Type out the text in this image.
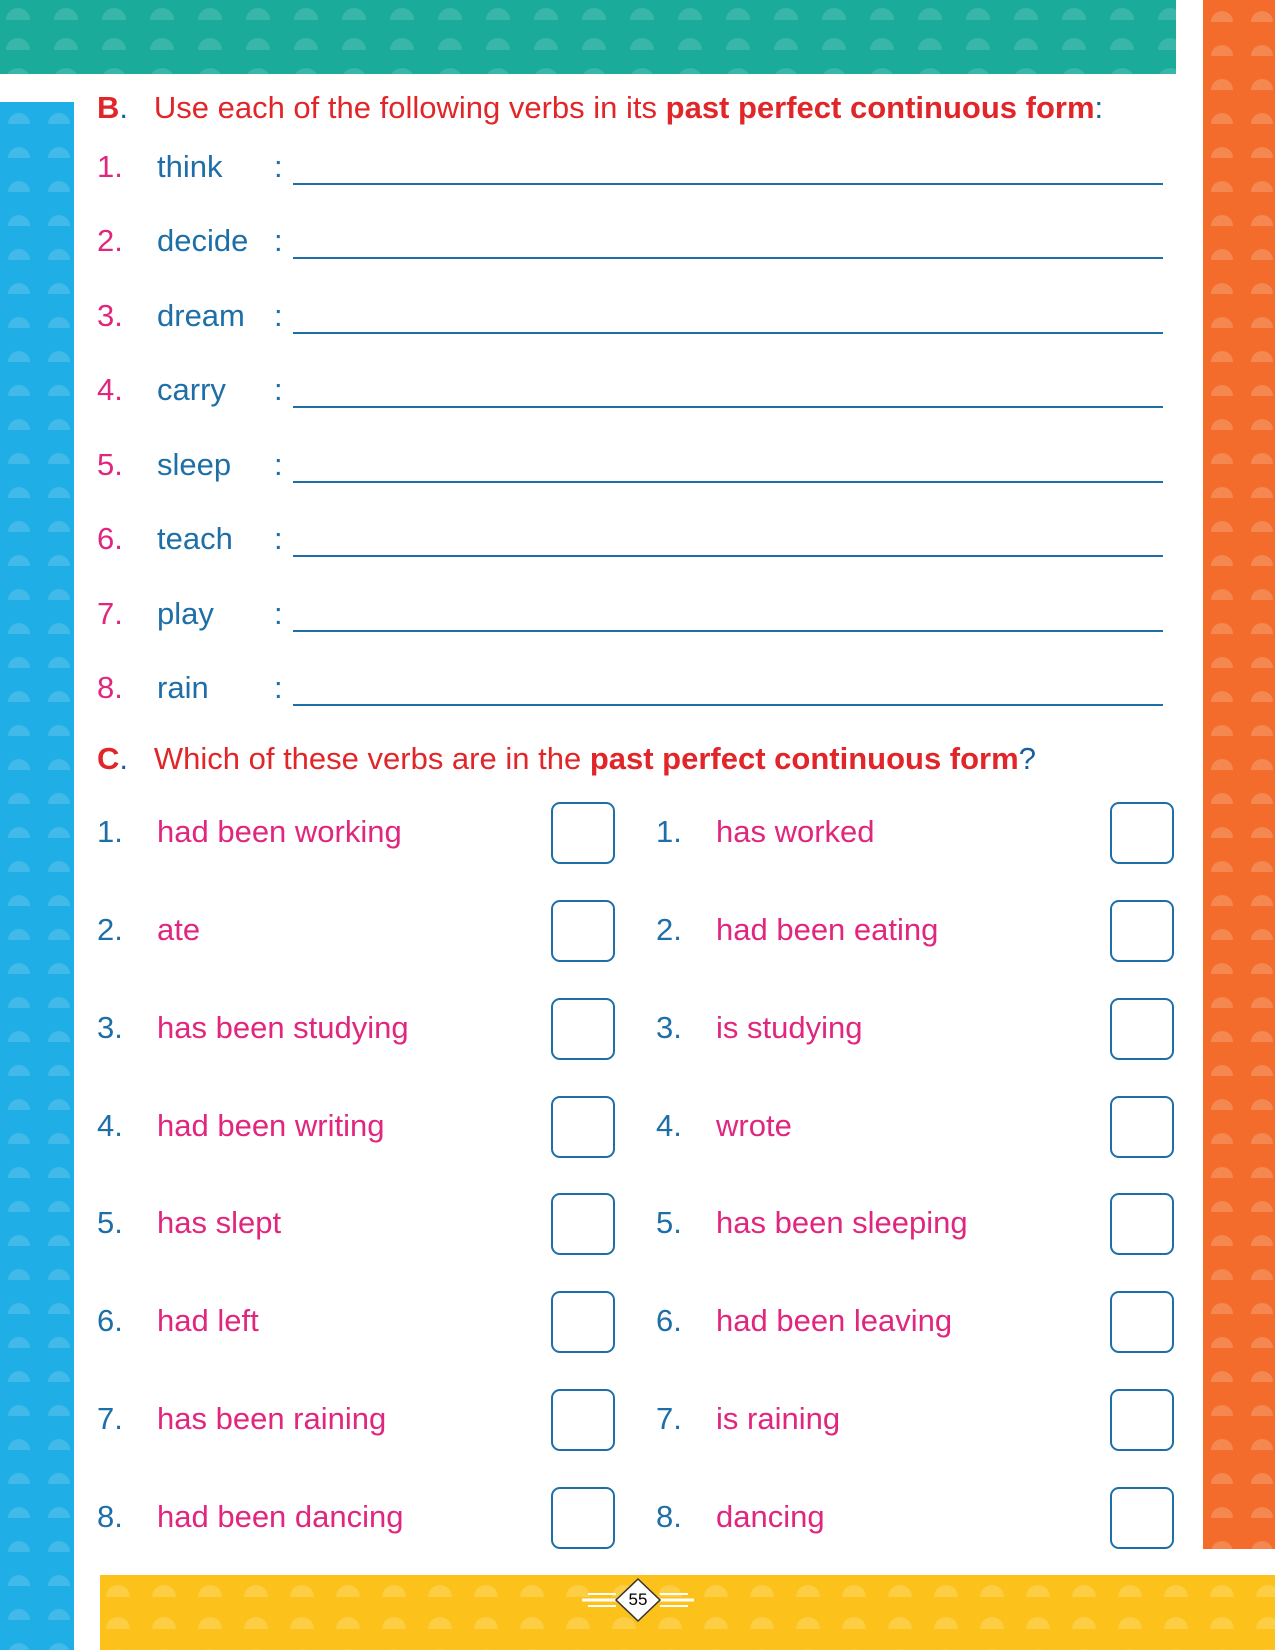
B. Use each of the following verbs in its past perfect continuous form:
1. think :
2. decide :
3. dream :
4. carry :
5. sleep :
6. teach :
7. play :
8. rain :
C. Which of these verbs are in the past perfect continuous form?
1. had been working
2. ate
3. has been studying
4. had been writing
5. has slept
6. had left
7. has been raining
8. had been dancing
1. has worked
2. had been eating
3. is studying
4. wrote
5. has been sleeping
6. had been leaving
7. is raining
8. dancing
55
